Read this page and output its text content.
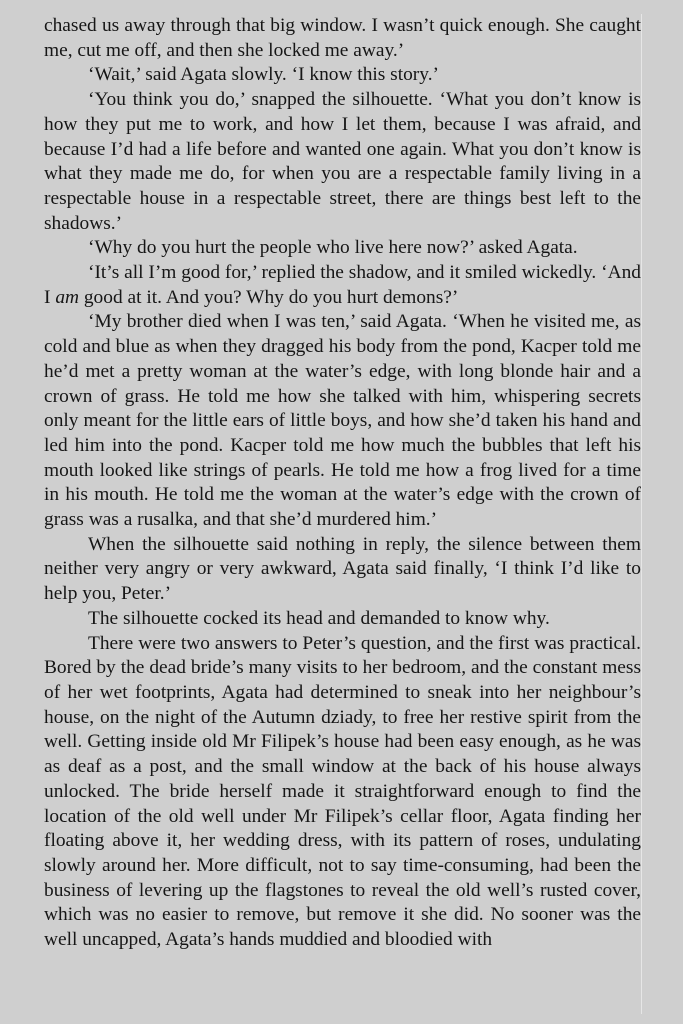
chased us away through that big window. I wasn’t quick enough. She caught me, cut me off, and then she locked me away.’

‘Wait,’ said Agata slowly. ‘I know this story.’

‘You think you do,’ snapped the silhouette. ‘What you don’t know is how they put me to work, and how I let them, because I was afraid, and because I’d had a life before and wanted one again. What you don’t know is what they made me do, for when you are a respectable family living in a respectable house in a respectable street, there are things best left to the shadows.’

‘Why do you hurt the people who live here now?’ asked Agata.

‘It’s all I’m good for,’ replied the shadow, and it smiled wickedly. ‘And I am good at it. And you? Why do you hurt demons?’

‘My brother died when I was ten,’ said Agata. ‘When he visited me, as cold and blue as when they dragged his body from the pond, Kacper told me he’d met a pretty woman at the water’s edge, with long blonde hair and a crown of grass. He told me how she talked with him, whispering secrets only meant for the little ears of little boys, and how she’d taken his hand and led him into the pond. Kacper told me how much the bubbles that left his mouth looked like strings of pearls. He told me how a frog lived for a time in his mouth. He told me the woman at the water’s edge with the crown of grass was a rusalka, and that she’d murdered him.’

When the silhouette said nothing in reply, the silence between them neither very angry or very awkward, Agata said finally, ‘I think I’d like to help you, Peter.’

The silhouette cocked its head and demanded to know why.

There were two answers to Peter’s question, and the first was practical. Bored by the dead bride’s many visits to her bedroom, and the constant mess of her wet footprints, Agata had determined to sneak into her neighbour’s house, on the night of the Autumn dziady, to free her restive spirit from the well. Getting inside old Mr Filipek’s house had been easy enough, as he was as deaf as a post, and the small window at the back of his house always unlocked. The bride herself made it straightforward enough to find the location of the old well under Mr Filipek’s cellar floor, Agata finding her floating above it, her wedding dress, with its pattern of roses, undulating slowly around her. More difficult, not to say time-consuming, had been the business of levering up the flagstones to reveal the old well’s rusted cover, which was no easier to remove, but remove it she did. No sooner was the well uncapped, Agata’s hands muddied and bloodied with
